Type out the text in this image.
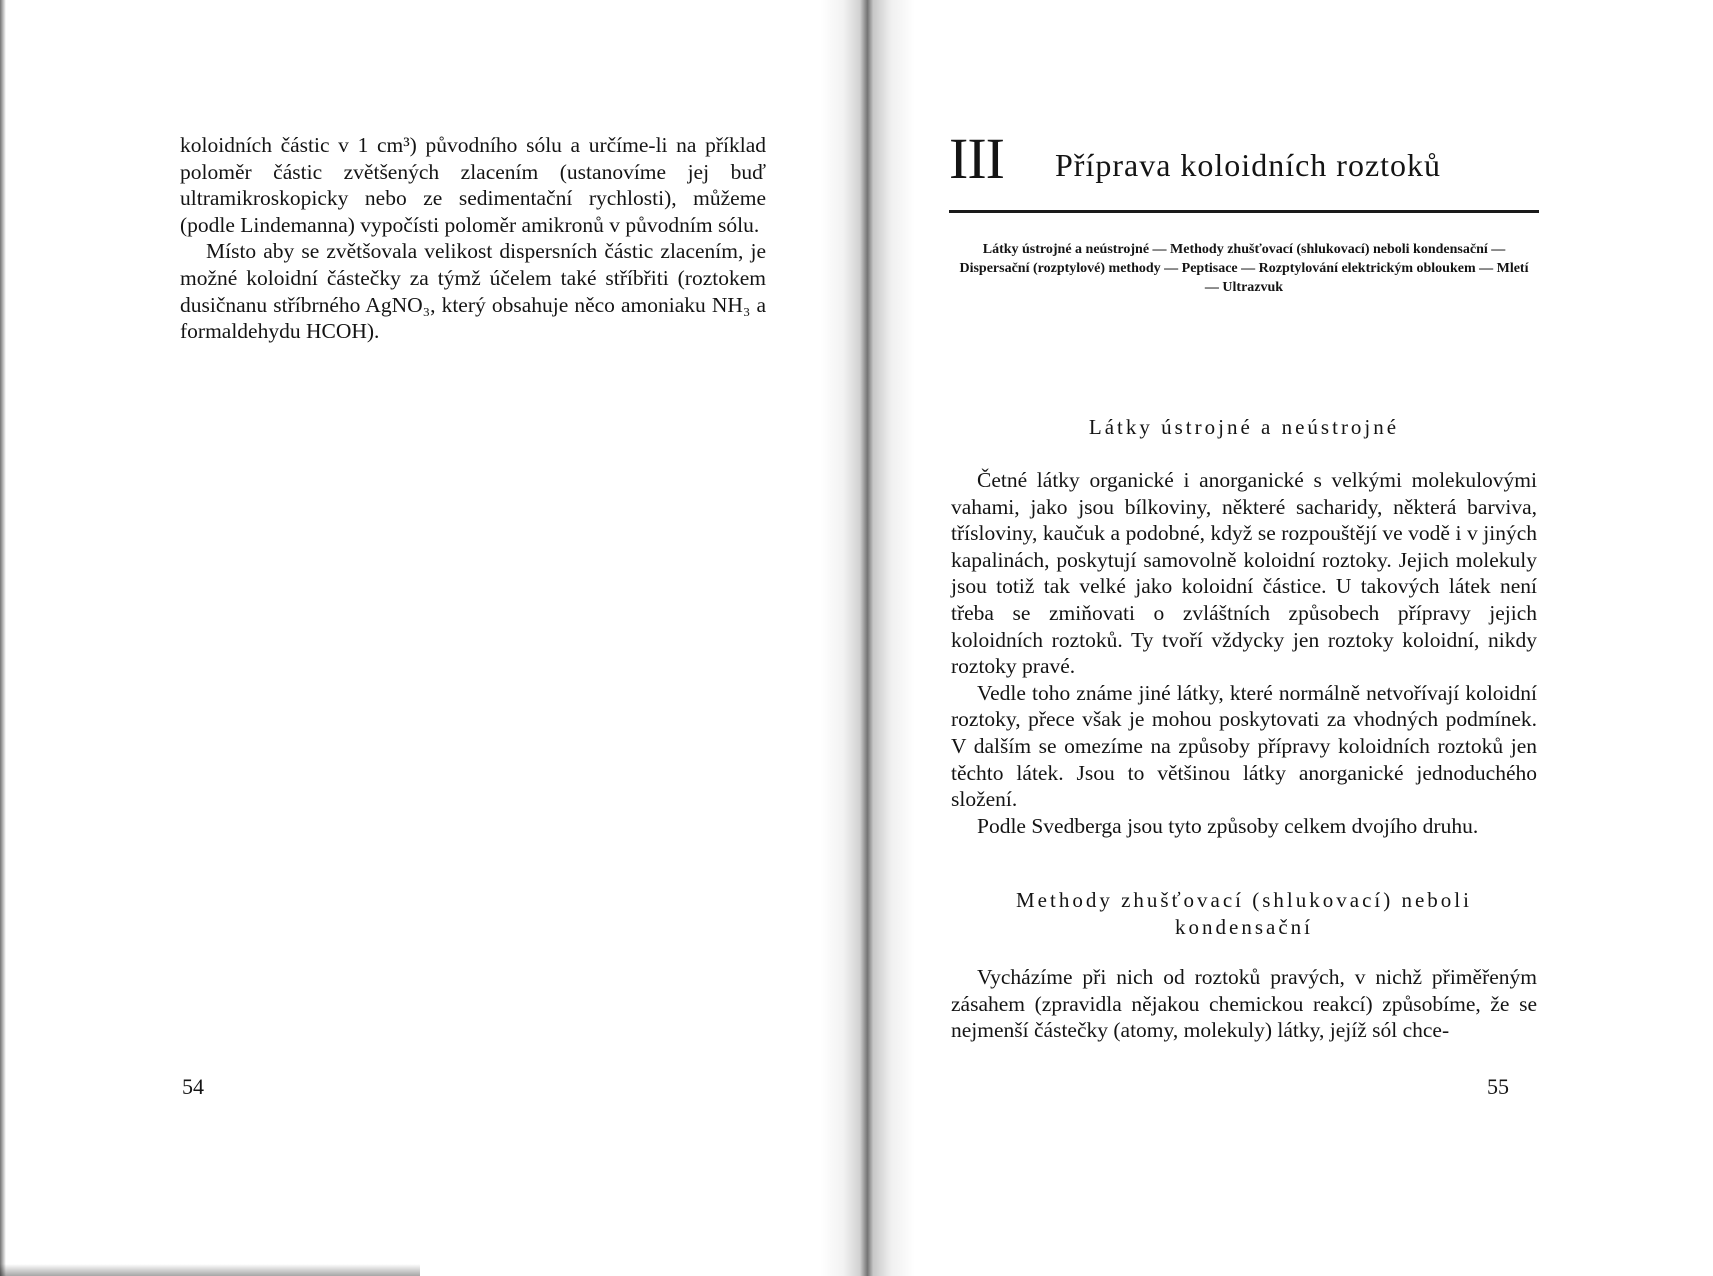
koloidních částic v 1 cm³) původního sólu a určíme-li na příklad poloměr částic zvětšených zlacením (ustanovíme jej buď ultramikroskopicky nebo ze sedimentační rychlosti), můžeme (podle Lindemanna) vypočísti poloměr amikronů v původním sólu.

Místo aby se zvětšovala velikost dispersních částic zlacením, je možné koloidní částečky za týmž účelem také stříbřiti (roztokem dusičnanu stříbrného AgNO₃, který obsahuje něco amoniaku NH₃ a formaldehydu HCOH).

54
III Příprava koloidních roztoků
Látky ústrojné a neústrojné — Methody zhušťovací (shlukovací) neboli kondensační — Dispersační (rozptylové) methody — Peptisace — Rozptylování elektrickým obloukem — Mletí — Ultrazvuk
Látky ústrojné a neústrojné

Četné látky organické i anorganické s velkými molekulovými vahami, jako jsou bílkoviny, některé sacharidy, některá barviva, třísloviny, kaučuk a podobné, když se rozpouštějí ve vodě i v jiných kapalinách, poskytují samovolně koloidní roztoky. Jejich molekuly jsou totiž tak velké jako koloidní částice. U takových látek není třeba se zmiňovati o zvláštních způsobech přípravy jejich koloidních roztoků. Ty tvoří vždycky jen roztoky koloidní, nikdy roztoky pravé.

Vedle toho známe jiné látky, které normálně netvořívají koloidní roztoky, přece však je mohou poskytovati za vhodných podmínek. V dalším se omezíme na způsoby přípravy koloidních roztoků jen těchto látek. Jsou to většinou látky anorganické jednoduchého složení.

Podle Svedberga jsou tyto způsoby celkem dvojího druhu.

Methody zhušťovací (shlukovací) neboli kondensační

Vycházíme při nich od roztoků pravých, v nichž přiměřeným zásahem (zpravidla nějakou chemickou reakcí) způsobíme, že se nejmenší částečky (atomy, molekuly) látky, jejíž sól chce-

55
